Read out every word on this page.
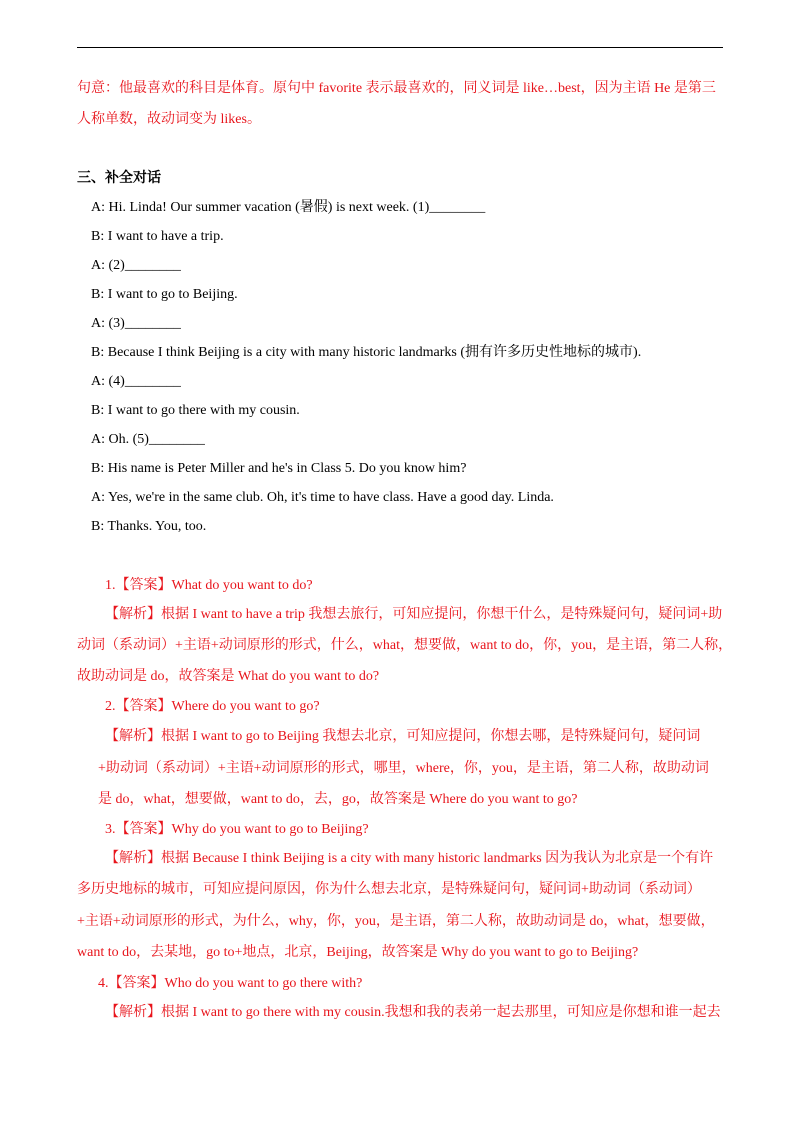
句意：他最喜欢的科目是体育。原句中 favorite 表示最喜欢的，同义词是 like…best，因为主语 He 是第三
人称单数，故动词变为 likes。
三、补全对话
A: Hi. Linda! Our summer vacation (暑假) is next week. (1)________
B: I want to have a trip.
A: (2)________
B: I want to go to Beijing.
A: (3)________
B: Because I think Beijing is a city with many historic landmarks (拥有许多历史性地标的城市).
A: (4)________
B: I want to go there with my cousin.
A: Oh. (5)________
B: His name is Peter Miller and he's in Class 5. Do you know him?
A: Yes, we're in the same club. Oh, it's time to have class. Have a good day. Linda.
B: Thanks. You, too.
1.【答案】What do you want to do?
【解析】根据 I want to have a trip 我想去旅行，可知应提问，你想干什么，是特殊疑问句，疑问词+助
动词（系动词）+主语+动词原形的形式，什么，what，想要做，want to do，你，you，是主语，第二人称，
故助动词是 do，故答案是 What do you want to do?
2.【答案】Where do you want to go?
【解析】根据 I want to go to Beijing 我想去北京，可知应提问，你想去哪，是特殊疑问句，疑问词
+助动词（系动词）+主语+动词原形的形式，哪里，where，你，you，是主语，第二人称，故助动词
是 do，what，想要做，want to do，去，go，故答案是 Where do you want to go?
3.【答案】Why do you want to go to Beijing?
【解析】根据 Because I think Beijing is a city with many historic landmarks 因为我认为北京是一个有许
多历史地标的城市，可知应提问原因，你为什么想去北京，是特殊疑问句，疑问词+助动词（系动词）
+主语+动词原形的形式，为什么，why，你，you，是主语，第二人称，故助动词是 do，what，想要做，
want to do，去某地，go to+地点，北京，Beijing，故答案是 Why do you want to go to Beijing?
4.【答案】Who do you want to go there with?
【解析】根据 I want to go there with my cousin.我想和我的表弟一起去那里，可知应是你想和谁一起去
